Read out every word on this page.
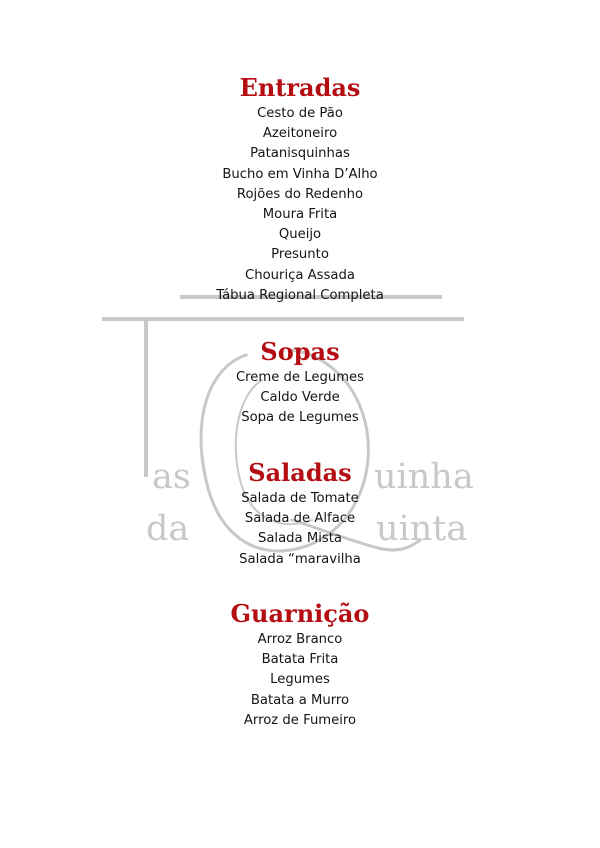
as
da
uinha
uinta
Entradas
Cesto de Pão
Azeitoneiro
Patanisquinhas
Bucho em Vinha D’Alho
Rojões do Redenho
Moura Frita
Queijo
Presunto
Chouriça Assada
Tábua Regional Completa
Sopas
Creme de Legumes
Caldo Verde
Sopa de Legumes
Saladas
Salada de Tomate
Salada de Alface
Salada Mista
Salada “maravilha
Guarnição
Arroz Branco
Batata Frita
Legumes
Batata a Murro
Arroz de Fumeiro
